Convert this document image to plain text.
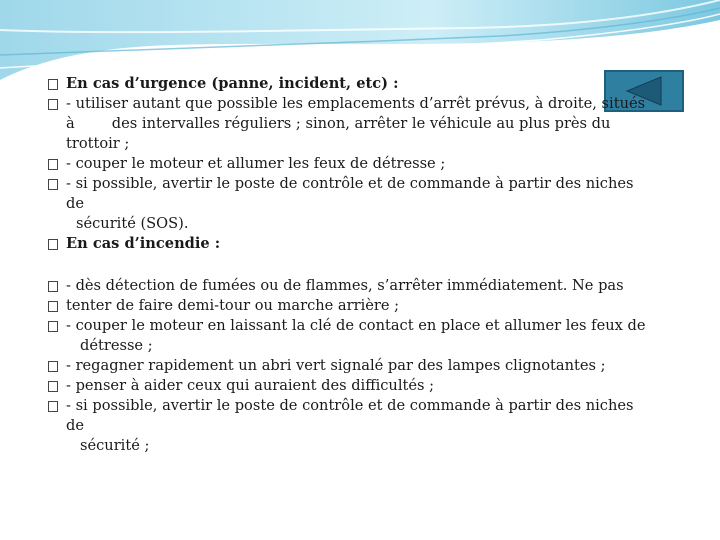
En cas d’urgence (panne, incident, etc) :
- utiliser autant que possible les emplacements d’arrêt prévus, à droite, situés
à        des intervalles réguliers ; sinon, arrêter le véhicule au plus près du
trottoir ;
- couper le moteur et allumer les feux de détresse ;
- si possible, avertir le poste de contrôle et de commande à partir des niches
de
sécurité (SOS).
En cas d’incendie :
- dès détection de fumées ou de flammes, s’arrêter immédiatement. Ne pas
tenter de faire demi-tour ou marche arrière ;
- couper le moteur en laissant la clé de contact en place et allumer les feux de
détresse ;
- regagner rapidement un abri vert signalé par des lampes clignotantes ;
- penser à aider ceux qui auraient des difficultés ;
- si possible, avertir le poste de contrôle et de commande à partir des niches
de
sécurité ;
